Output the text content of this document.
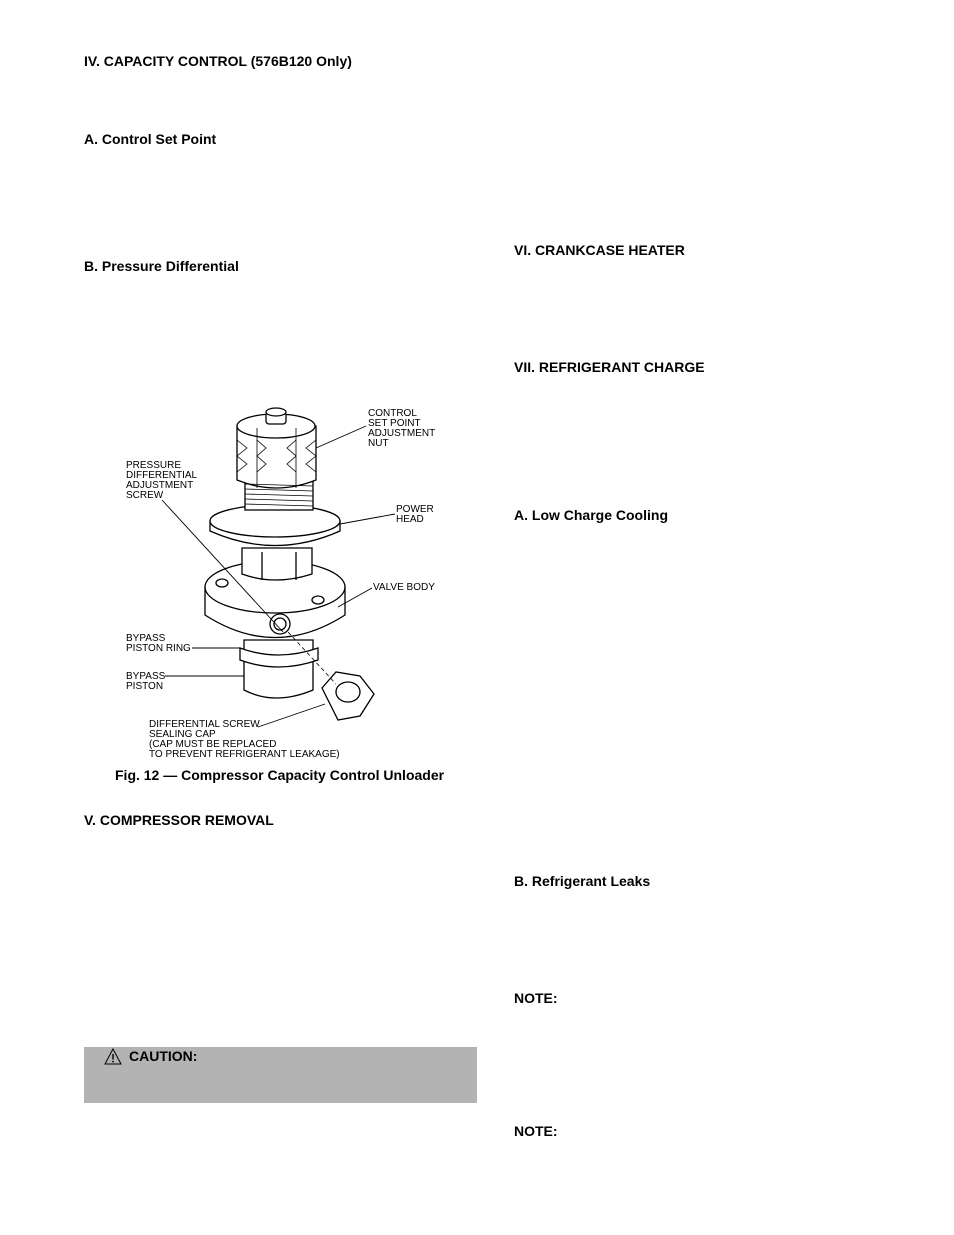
IV. CAPACITY CONTROL (576B120 Only)
A. Control Set Point
B. Pressure Differential
CONTROL
SET POINT
ADJUSTMENT
NUT
PRESSURE
DIFFERENTIAL
ADJUSTMENT
SCREW
POWER
HEAD
VALVE BODY
BYPASS
PISTON RING
BYPASS
PISTON
DIFFERENTIAL SCREW
SEALING CAP
(CAP MUST BE REPLACED
TO PREVENT REFRIGERANT LEAKAGE)
Fig. 12 — Compressor Capacity Control Unloader
V. COMPRESSOR REMOVAL
CAUTION:
VI. CRANKCASE HEATER
VII. REFRIGERANT CHARGE
A. Low Charge Cooling
B. Refrigerant Leaks
NOTE:
NOTE:
